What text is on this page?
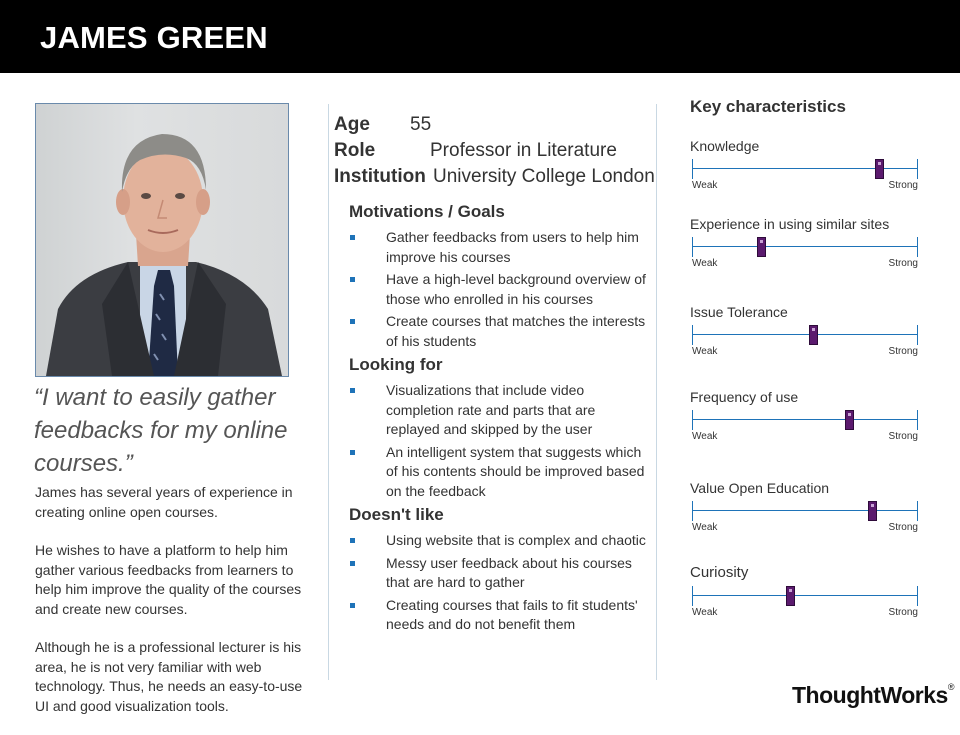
JAMES GREEN
“I want to easily gather feedbacks for my online courses.”

James has several years of experience in creating online open courses.

He wishes to have a platform to help him gather various feedbacks from learners to help him improve the quality of the courses and create new courses.

Although he is a professional lecturer is his area, he is not very familiar with web technology. Thus, he needs an easy-to-use UI and good visualization tools.

Age 55
Role	Professor in Literature
Institution University College London
Motivations / Goals
Gather feedbacks from users to help him improve his courses
Have a high-level background overview of those who enrolled in his courses
Create courses that matches the interests of his students
Looking for
Visualizations that include video completion rate and parts that are replayed and skipped by the user
An intelligent system that suggests which of his contents should be improved based on the feedback
Doesn't like
Using website that is complex and chaotic
Messy user feedback about his courses that are hard to gather
Creating courses that fails to fit students' needs and do not benefit them
Key characteristics
Knowledge
Weak	Strong
Experience in using similar sites
Weak	Strong
Issue Tolerance
Weak	Strong
Frequency of use
Weak	Strong
Value Open Education
Weak	Strong
Curiosity
Weak	Strong
ThoughtWorks®
